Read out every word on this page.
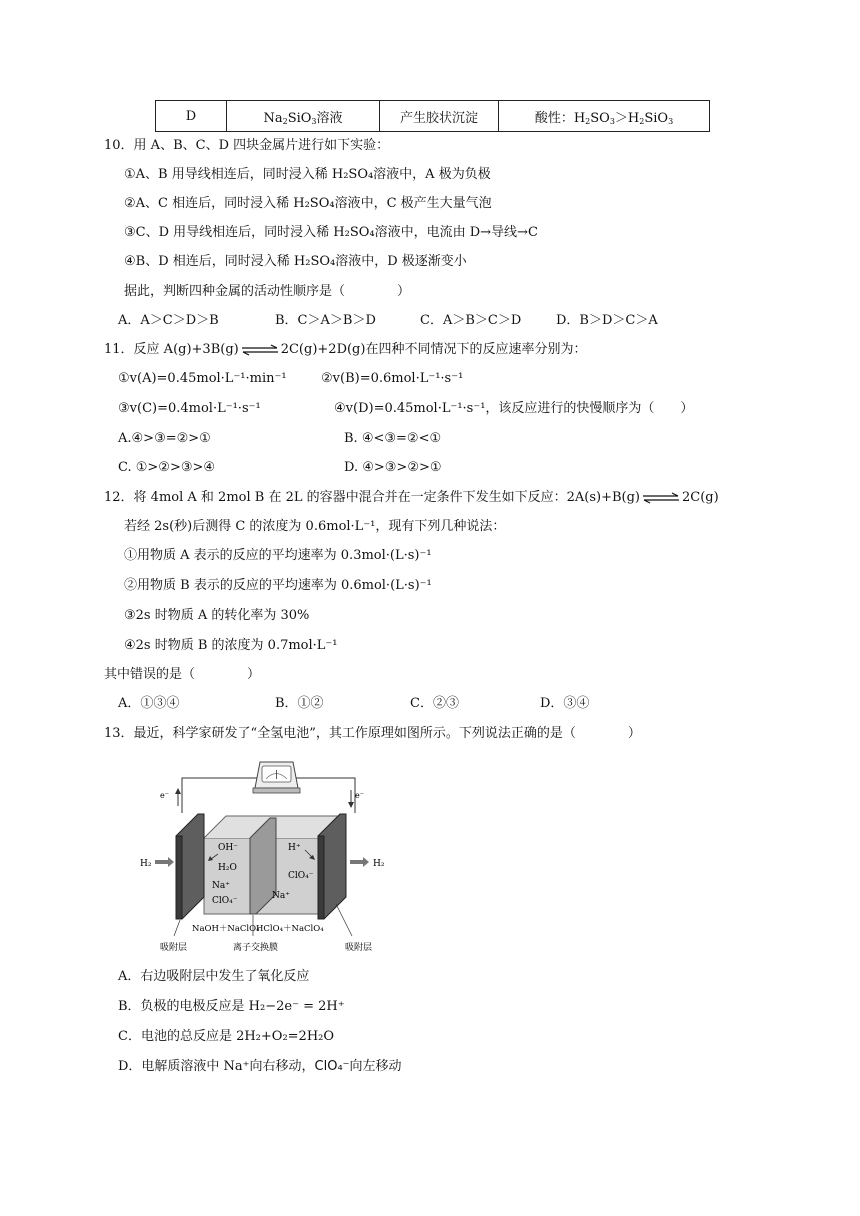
D	$Na_2SiO_3$溶液	产生胶状沉淀	酸性：$H_2SO_3>H_2SiO_3$
10．用 A、B、C、D 四块金属片进行如下实验：
①A、B 用导线相连后，同时浸入稀 H₂SO₄溶液中，A 极为负极
②A、C 相连后，同时浸入稀 H₂SO₄溶液中，C 极产生大量气泡
③C、D 用导线相连后，同时浸入稀 H₂SO₄溶液中，电流由 D→导线→C
④B、D 相连后，同时浸入稀 H₂SO₄溶液中，D 极逐渐变小
据此，判断四种金属的活动性顺序是（　　　　）
A．A＞C＞D＞B	B．C＞A＞B＞D	C．A＞B＞C＞D	D．B＞D＞C＞A
11．反应 A(g)+3B(g) ⇌ 2C(g)+2D(g)在四种不同情况下的反应速率分别为：
①v(A)=0.45mol·L⁻¹·min⁻¹	②v(B)=0.6mol·L⁻¹·s⁻¹
③v(C)=0.4mol·L⁻¹·s⁻¹	④v(D)=0.45mol·L⁻¹·s⁻¹，该反应进行的快慢顺序为（　　）
A.④>③=②>①	B. ④<③=②<①
C. ①>②>③>④	D. ④>③>②>①
12．将 4mol A 和 2mol B 在 2L 的容器中混合并在一定条件下发生如下反应：2A(s)+B(g) ⇌ 2C(g)
若经 2s(秒)后测得 C 的浓度为 0.6mol·L⁻¹，现有下列几种说法：
①用物质 A 表示的反应的平均速率为 0.3mol·(L·s)⁻¹
②用物质 B 表示的反应的平均速率为 0.6mol·(L·s)⁻¹
③2s 时物质 A 的转化率为 30%
④2s 时物质 B 的浓度为 0.7mol·L⁻¹
其中错误的是（　　　　）
A．①③④	B．①②	C．②③	D．③④
13．最近，科学家研发了“全氢电池”，其工作原理如图所示。下列说法正确的是（　　　　）
e⁻	e⁻
H₂	H₂
OH⁻
H₂O
Na⁺
ClO₄⁻
H⁺
ClO₄⁻
Na⁺
NaOH＋NaClO₄
HClO₄＋NaClO₄
吸附层	离子交换膜	吸附层
A．右边吸附层中发生了氧化反应
B．负极的电极反应是 H₂−2e⁻ = 2H⁺
C．电池的总反应是 2H₂+O₂=2H₂O
D．电解质溶液中 Na⁺向右移动，ClO₄⁻向左移动
